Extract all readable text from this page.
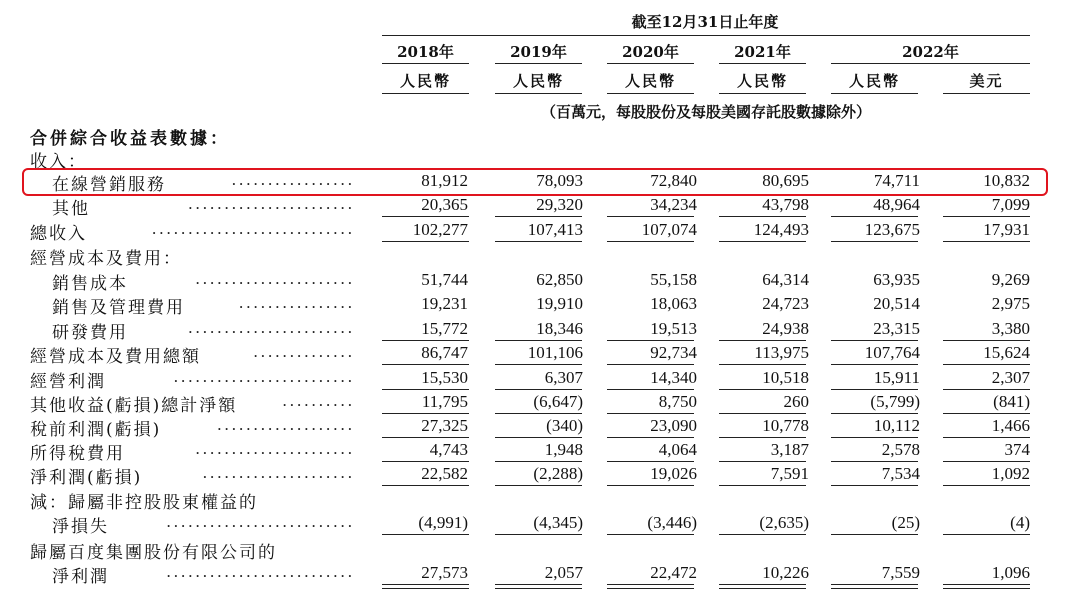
截至12月31日止年度
2018年	2019年	2020年	2021年	2022年
人民幣	人民幣	人民幣	人民幣	人民幣	美元
（百萬元，每股股份及每股美國存託股數據除外）
合併綜合收益表數據：
收入：
在線營銷服務	.................	81,912	78,093	72,840	80,695	74,711	10,832
其他	.......................	20,365	29,320	34,234	43,798	48,964	7,099
總收入	............................	102,277	107,413	107,074	124,493	123,675	17,931
經營成本及費用：
銷售成本	......................	51,744	62,850	55,158	64,314	63,935	9,269
銷售及管理費用	................	19,231	19,910	18,063	24,723	20,514	2,975
研發費用	.......................	15,772	18,346	19,513	24,938	23,315	3,380
經營成本及費用總額	..............	86,747	101,106	92,734	113,975	107,764	15,624
經營利潤	.........................	15,530	6,307	14,340	10,518	15,911	2,307
其他收益(虧損)總計淨額	..........	11,795	(6,647)	8,750	260	(5,799)	(841)
稅前利潤(虧損)	...................	27,325	(340)	23,090	10,778	10,112	1,466
所得稅費用	......................	4,743	1,948	4,064	3,187	2,578	374
淨利潤(虧損)	.....................	22,582	(2,288)	19,026	7,591	7,534	1,092
減：歸屬非控股股東權益的
淨損失	..........................	(4,991)	(4,345)	(3,446)	(2,635)	(25)	(4)
歸屬百度集團股份有限公司的
淨利潤	..........................	27,573	2,057	22,472	10,226	7,559	1,096
